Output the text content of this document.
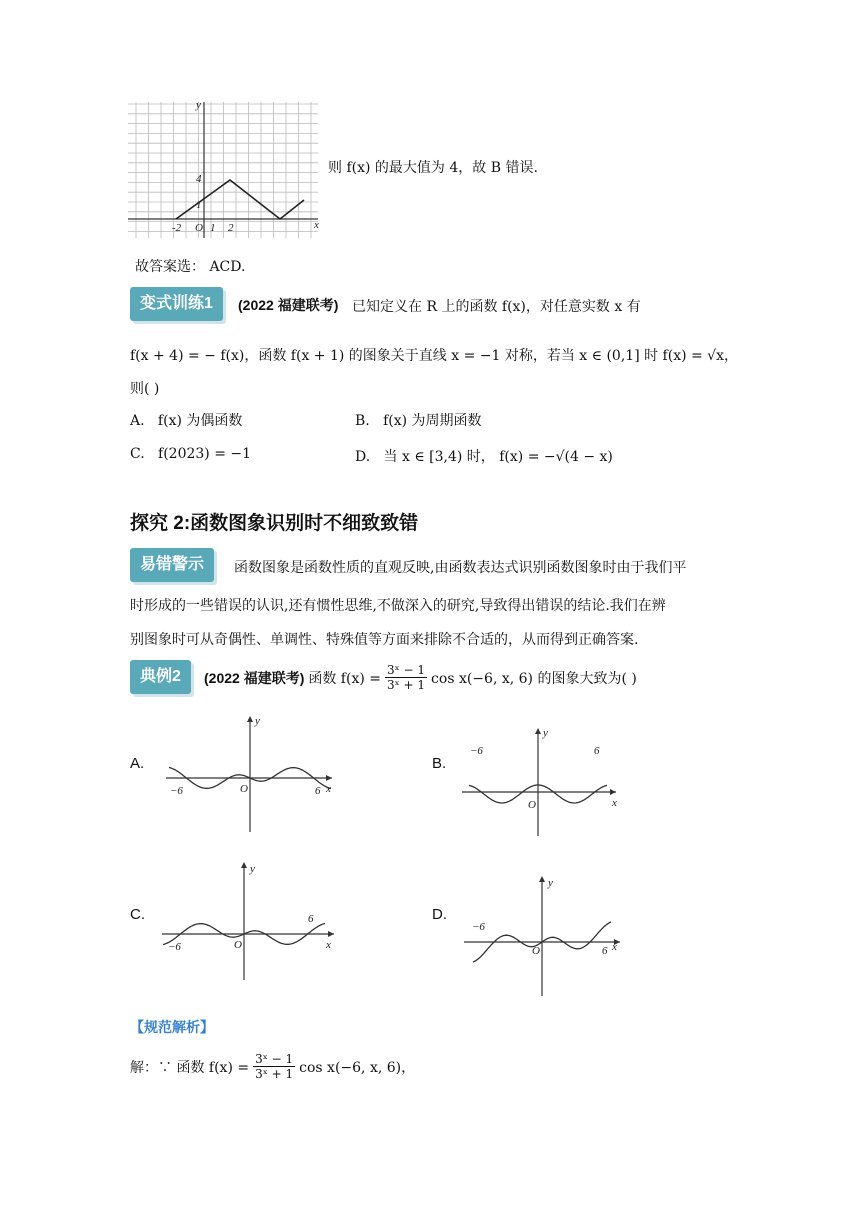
4
1
-2 O 1 2	x
y
则 f(x) 的最大值为 4，故 B 错误.
故答案选： ACD.
变式训练1	(2022 福建联考) 已知定义在 R 上的函数 f(x)，对任意实数 x 有
f(x + 4) = − f(x)，函数 f(x + 1) 的图象关于直线 x = −1 对称，若当 x ∈ (0,1] 时 f(x) = √x，
则( )
A. f(x) 为偶函数	B. f(x) 为周期函数
C. f(2023) = −1	D. 当 x ∈ [3,4) 时， f(x) = −√(4 − x)
探究 2:函数图象识别时不细致致错
易错警示	函数图象是函数性质的直观反映,由函数表达式识别函数图象时由于我们平
时形成的一些错误的认识,还有惯性思维,不做深入的研究,导致得出错误的结论.我们在辨
别图象时可从奇偶性、单调性、特殊值等方面来排除不合适的，从而得到正确答案.
典例2	(2022 福建联考) 函数 $f(x) = \frac{\text{3ˣ − 1}}{\text{3ˣ + 1}}$ cos x(−6, x, 6) 的图象大致为( )
A.
−6	O	6 x
y
B.
−6
O
6
x
y
C.
−6	O
6
x
y
D.
−6
O	6 x
y
【规范解析】
解：∵ 函数 $f(x) = \frac{\text{3ˣ − 1}}{\text{3ˣ + 1}}$ cos x(−6, x, 6)，
